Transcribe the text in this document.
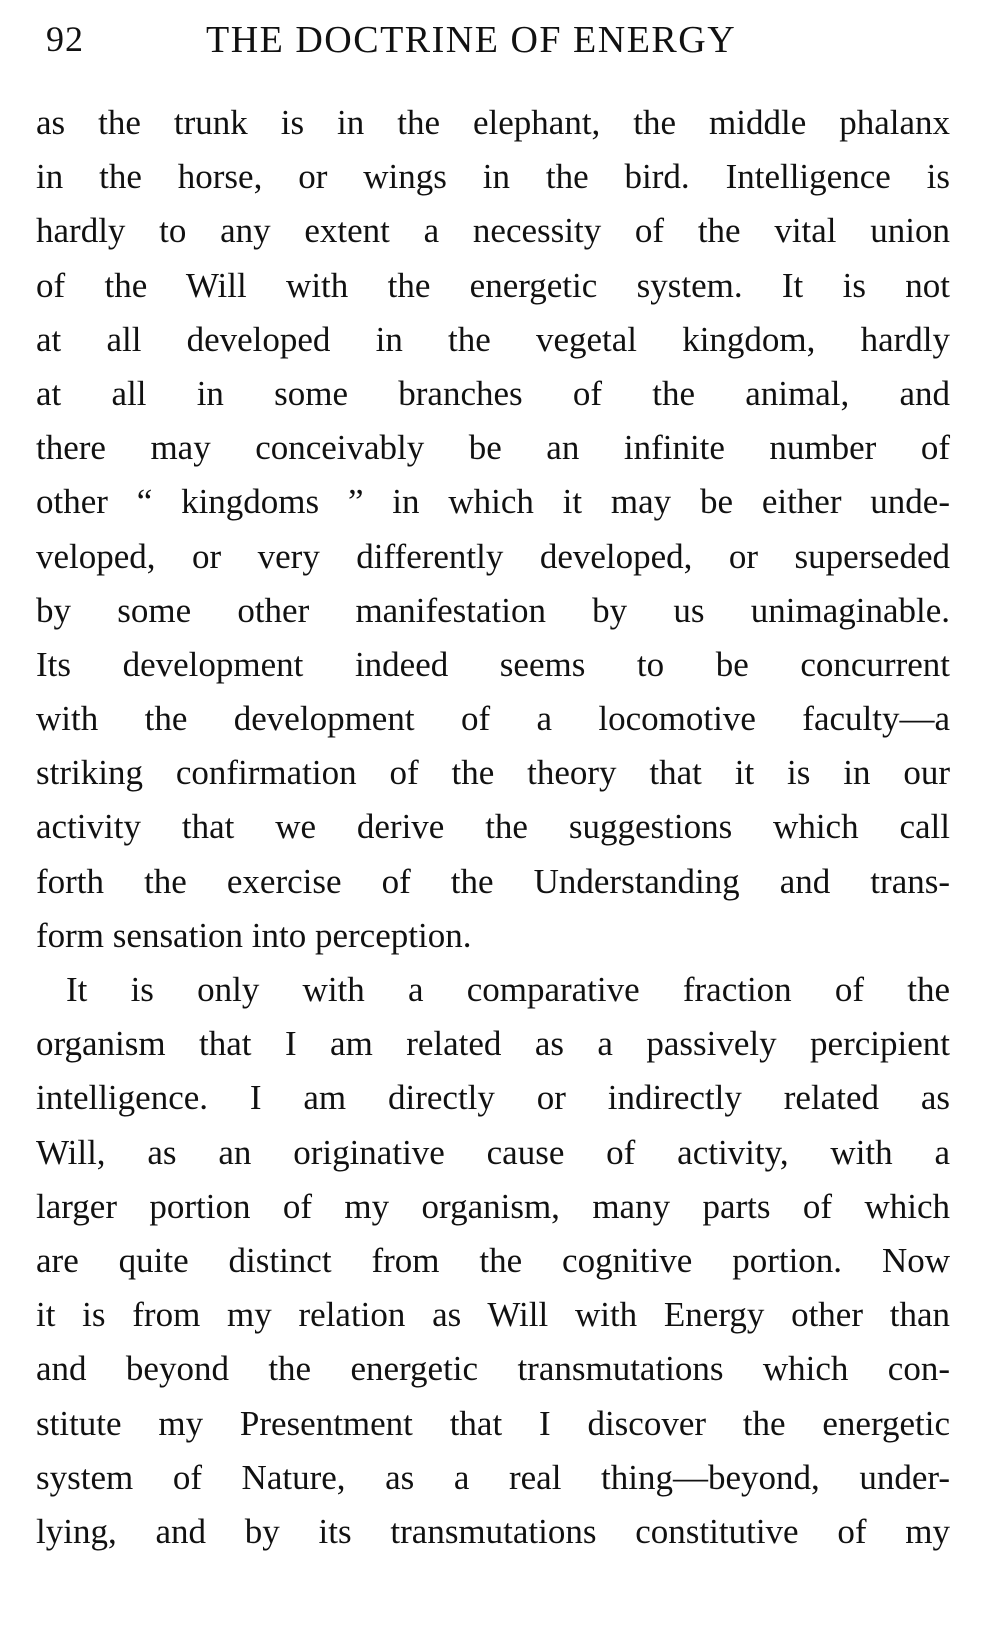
92	THE DOCTRINE OF ENERGY
as the trunk is in the elephant, the middle phalanx
in the horse, or wings in the bird. Intelligence is
hardly to any extent a necessity of the vital union
of the Will with the energetic system. It is not
at all developed in the vegetal kingdom, hardly
at all in some branches of the animal, and
there may conceivably be an infinite number of
other “ kingdoms ” in which it may be either unde-
veloped, or very differently developed, or superseded
by some other manifestation by us unimaginable.
Its development indeed seems to be concurrent
with the development of a locomotive faculty—a
striking confirmation of the theory that it is in our
activity that we derive the suggestions which call
forth the exercise of the Understanding and trans-
form sensation into perception.
It is only with a comparative fraction of the
organism that I am related as a passively percipient
intelligence. I am directly or indirectly related as
Will, as an originative cause of activity, with a
larger portion of my organism, many parts of which
are quite distinct from the cognitive portion. Now
it is from my relation as Will with Energy other than
and beyond the energetic transmutations which con-
stitute my Presentment that I discover the energetic
system of Nature, as a real thing—beyond, under-
lying, and by its transmutations constitutive of my
